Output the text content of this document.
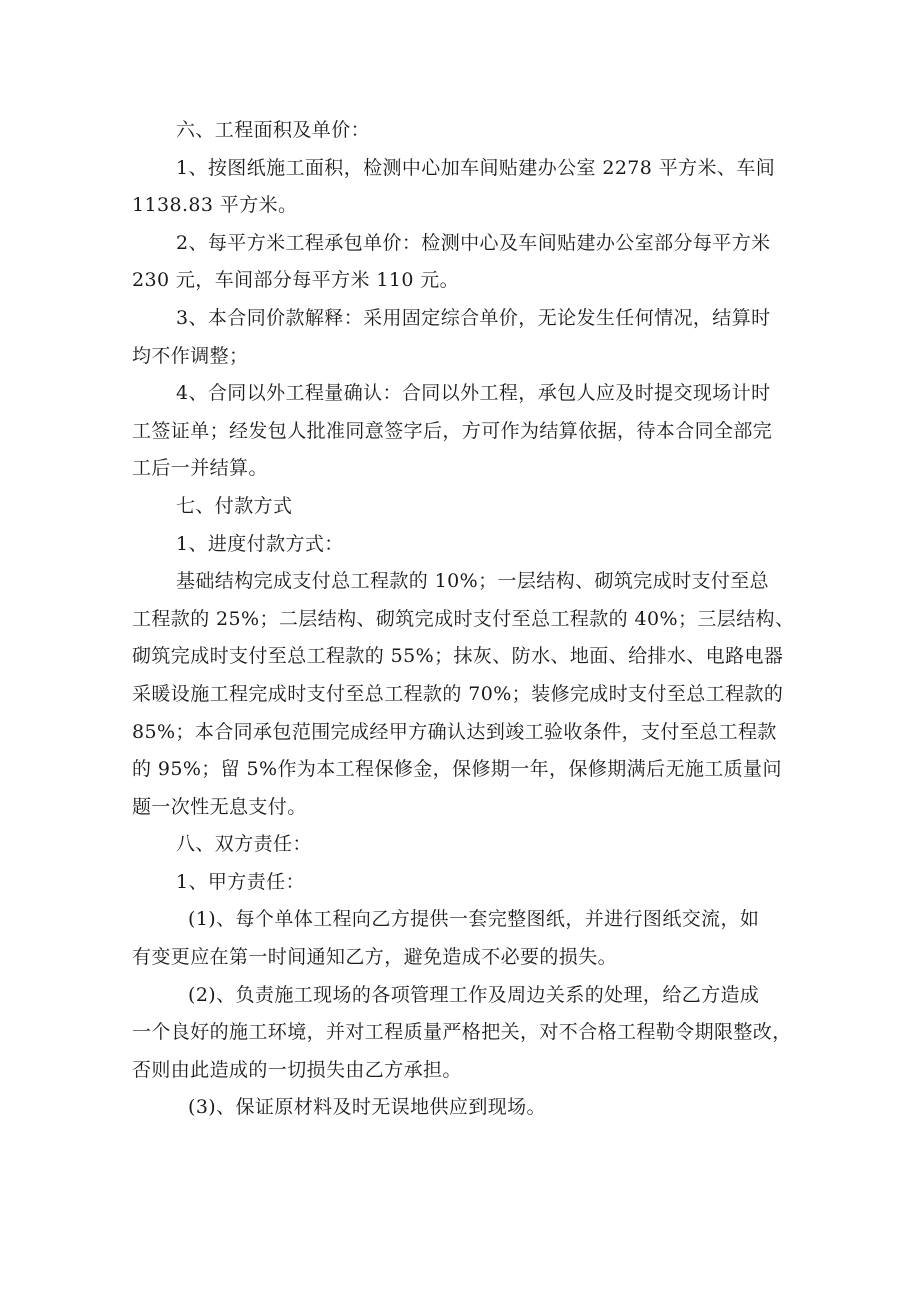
六、工程面积及单价：

1、按图纸施工面积，检测中心加车间贴建办公室 2278 平方米、车间
1138.83 平方米。

2、每平方米工程承包单价：检测中心及车间贴建办公室部分每平方米
230 元，车间部分每平方米 110 元。

3、本合同价款解释：采用固定综合单价，无论发生任何情况，结算时
均不作调整；

4、合同以外工程量确认：合同以外工程，承包人应及时提交现场计时
工签证单；经发包人批准同意签字后，方可作为结算依据，待本合同全部完
工后一并结算。

七、付款方式

1、进度付款方式：

基础结构完成支付总工程款的 10%；一层结构、砌筑完成时支付至总
工程款的 25%；二层结构、砌筑完成时支付至总工程款的 40%；三层结构、
砌筑完成时支付至总工程款的 55%；抹灰、防水、地面、给排水、电路电器
采暖设施工程完成时支付至总工程款的 70%；装修完成时支付至总工程款的
85%；本合同承包范围完成经甲方确认达到竣工验收条件，支付至总工程款
的 95%；留 5%作为本工程保修金，保修期一年，保修期满后无施工质量问
题一次性无息支付。

八、双方责任：

1、甲方责任：

(1)、每个单体工程向乙方提供一套完整图纸，并进行图纸交流，如
有变更应在第一时间通知乙方，避免造成不必要的损失。

(2)、负责施工现场的各项管理工作及周边关系的处理，给乙方造成
一个良好的施工环境，并对工程质量严格把关，对不合格工程勒令期限整改，
否则由此造成的一切损失由乙方承担。

(3)、保证原材料及时无误地供应到现场。
